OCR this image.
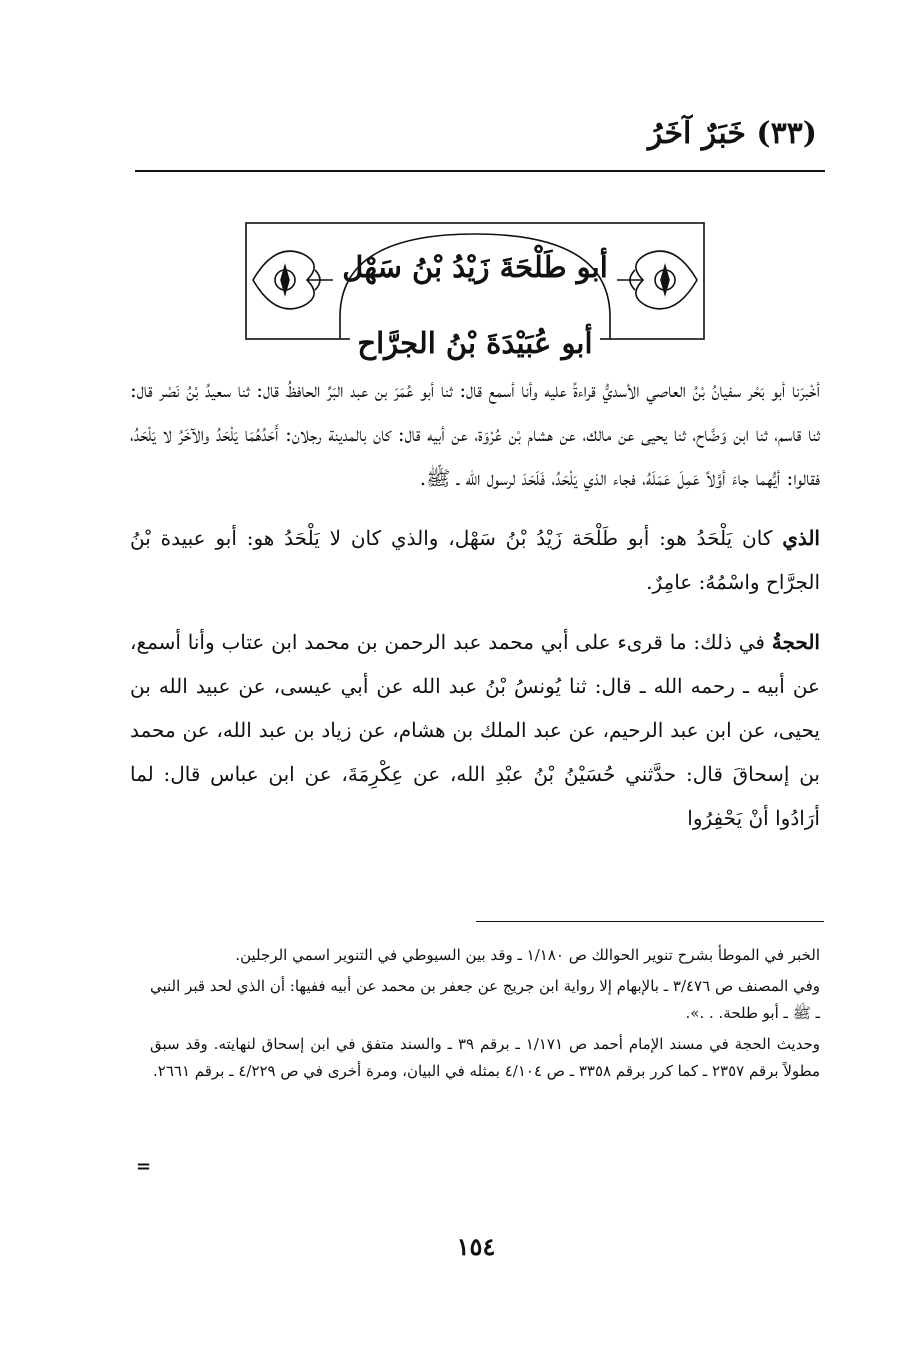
(٣٣) خَبَرٌ آخَرُ
أبو طَلْحَةَ زَيْدُ بْنُ سَهْل
أبو عُبَيْدَةَ بْنُ الجرَّاح

أخْبرَنا أبو بَحْر سفيانُ بْنُ العاصي الأسديُّ قراءةً عليه وأنا أسمع قال: ثنا أبو عُمَرَ بن عبد البَرِّ الحافظُ قال: ثنا سعيدُ بْنُ نَصْر قال: ثنا قاسم، ثنا ابن وَضَّاح، ثنا يحيى عن مالك، عن هشام بْن عُرْوَة، عن أبيه قال: كان بالمدينة رجلان: أَحَدُهُمَا يَلْحَدُ والآخَرُ لا يَلْحَدُ، فقالوا: أيُّهما جاءَ أوَّلاً عَمِلَ عَمَلَهُ، فجاء الذي يَلْحَدُ، فَلَحَدَ لرسول الله ـ ﷺ.

الذي كان يَلْحَدُ هو: أبو طَلْحَة زَيْدُ بْنُ سَهْل، والذي كان لا يَلْحَدُ هو: أبو عبيدة بْنُ الجرَّاح واسْمُهُ: عامِرٌ.

الحجةُ في ذلك: ما قرىء على أبي محمد عبد الرحمن بن محمد ابن عتاب وأنا أسمع، عن أبيه ـ رحمه الله ـ قال: ثنا يُونسُ بْنُ عبد الله عن أبي عيسى، عن عبيد الله بن يحيى، عن ابن عبد الرحيم، عن عبد الملك بن هشام، عن زياد بن عبد الله، عن محمد بن إسحاقَ قال: حدَّثني حُسَيْنُ بْنُ عبْدِ الله، عن عِكْرِمَةَ، عن ابن عباس قال: لما أرَادُوا أنْ يَحْفِرُوا

الخبر في الموطأ بشرح تنوير الحوالك ص ١/١٨٠ ـ وقد بين السيوطي في التنوير اسمي الرجلين.

وفي المصنف ص ٣/٤٧٦ ـ بالإبهام إلا رواية ابن جريج عن جعفر بن محمد عن أبيه ففيها: أن الذي لحد قبر النبي ـ ﷺ ـ أبو طلحة. . .».

وحديث الحجة في مسند الإمام أحمد ص ١/١٧١ ـ برقم ٣٩ ـ والسند متفق في ابن إسحاق لنهايته. وقد سبق مطولاً برقم ٢٣٥٧ ـ كما كرر برقم ٣٣٥٨ ـ ص ٤/١٠٤ بمثله في البيان، ومرة أخرى في ص ٤/٢٢٩ ـ برقم ٢٦٦١.

=
١٥٤
